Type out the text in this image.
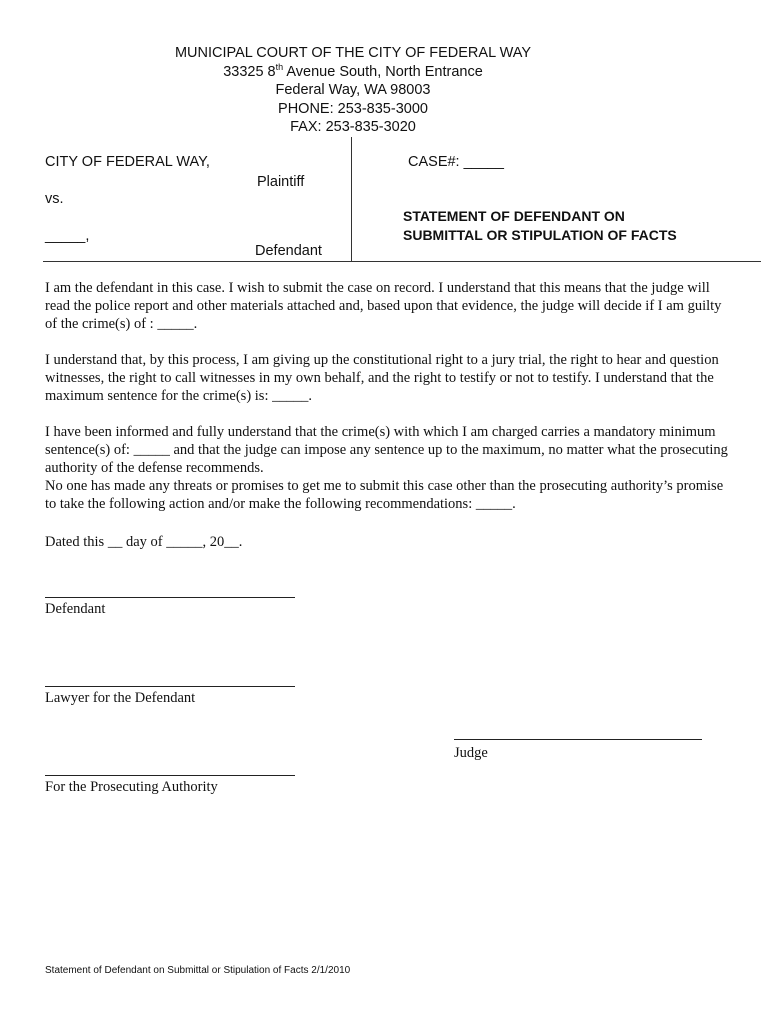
MUNICIPAL COURT OF THE CITY OF FEDERAL WAY
33325 8th Avenue South, North Entrance
Federal Way, WA 98003
PHONE: 253-835-3000
FAX: 253-835-3020
CITY OF FEDERAL WAY,
Plaintiff
vs.
_____,
Defendant
CASE#: _____
STATEMENT OF DEFENDANT ON
SUBMITTAL OR STIPULATION OF FACTS

I am the defendant in this case. I wish to submit the case on record. I understand that this means that the judge will read the police report and other materials attached and, based upon that evidence, the judge will decide if I am guilty of the crime(s) of : _____.

I understand that, by this process, I am giving up the constitutional right to a jury trial, the right to hear and question witnesses, the right to call witnesses in my own behalf, and the right to testify or not to testify. I understand that the maximum sentence for the crime(s) is: _____.

I have been informed and fully understand that the crime(s) with which I am charged carries a mandatory minimum sentence(s) of: _____ and that the judge can impose any sentence up to the maximum, no matter what the prosecuting authority of the defense recommends.

No one has made any threats or promises to get me to submit this case other than the prosecuting authority’s promise to take the following action and/or make the following recommendations: _____.

Dated this __ day of _____, 20__.

Defendant
Lawyer for the Defendant
Judge
For the Prosecuting Authority
Statement of Defendant on Submittal or Stipulation of Facts 2/1/2010
